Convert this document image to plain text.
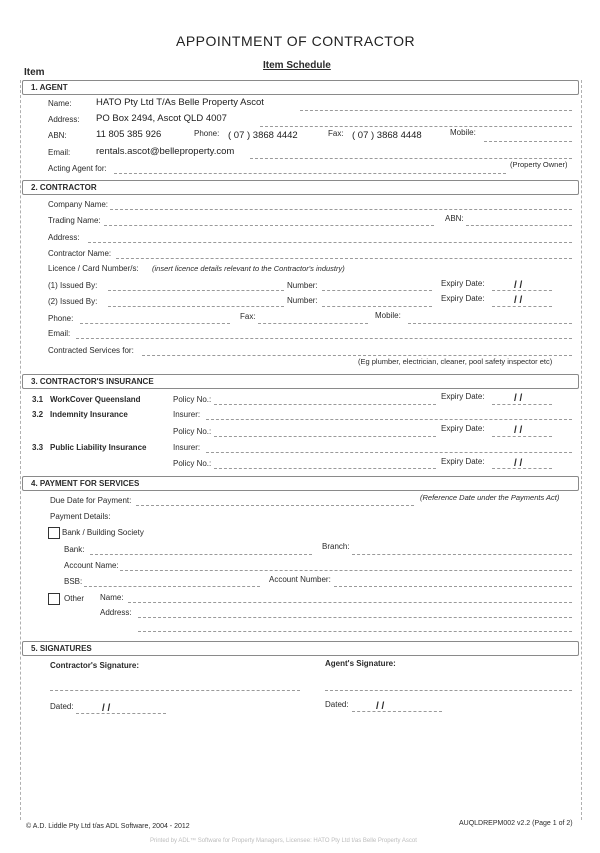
APPOINTMENT OF CONTRACTOR
Item Schedule
Item
1. AGENT
Name:	HATO Pty Ltd T/As Belle Property Ascot
Address: PO Box 2494, Ascot QLD 4007
ABN:	11 805 385 926	Phone: ( 07 ) 3868 4442	Fax: ( 07 ) 3868 4448	Mobile:
Email:	rentals.ascot@belleproperty.com
Acting Agent for:	(Property Owner)
2. CONTRACTOR
Company Name:
Trading Name:	ABN:
Address:
Contractor Name:
Licence / Card Number/s: (insert licence details relevant to the Contractor's industry)
(1) Issued By:	Number:	Expiry Date:	/ /
(2) Issued By:	Number:	Expiry Date:	/ /
Phone:	Fax:	Mobile:
Email:
Contracted Services for:
(Eg plumber, electrician, cleaner, pool safety inspector etc)
3. CONTRACTOR'S INSURANCE
3.1 WorkCover Queensland	Policy No.:	Expiry Date:	/ /
3.2 Indemnity Insurance	Insurer:
Policy No.:	Expiry Date:	/ /
3.3 Public Liability Insurance	Insurer:
Policy No.:	Expiry Date:	/ /
4. PAYMENT FOR SERVICES
Due Date for Payment:	(Reference Date under the Payments Act)
Payment Details:
Bank / Building Society
Bank:	Branch:
Account Name:
BSB:	Account Number:
Other Name:
Address:
5. SIGNATURES
Contractor's Signature:	Agent's Signature:
Dated:	/ /	Dated:	/ /
© A.D. Liddle Pty Ltd t/as ADL Software, 2004 - 2012	AUQLDREPM002 v2.2 (Page 1 of 2)
Printed by ADL™ Software for Property Managers, Licensee: HATO Pty Ltd t/as Belle Property Ascot
